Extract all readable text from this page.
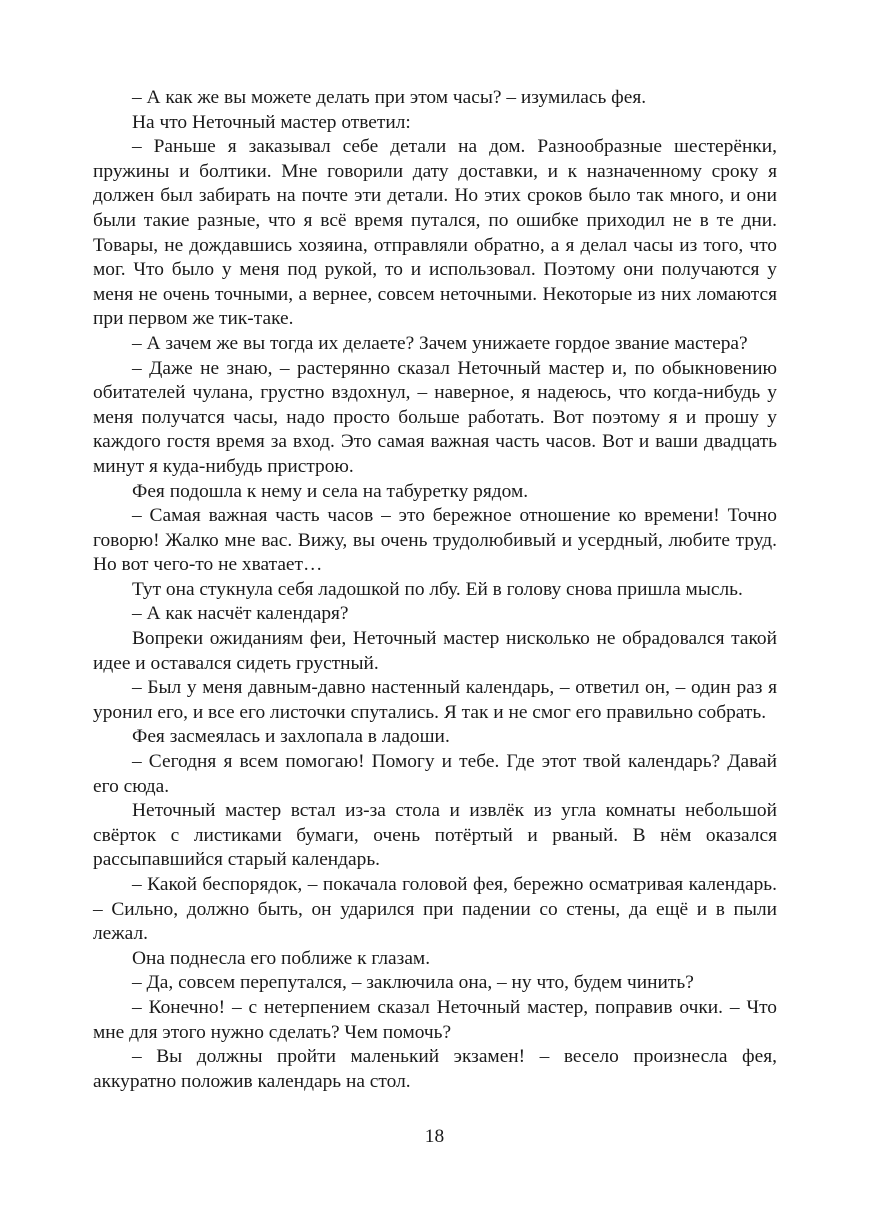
– А как же вы можете делать при этом часы? – изумилась фея.

На что Неточный мастер ответил:

– Раньше я заказывал себе детали на дом. Разнообразные шестерёнки, пружины и болтики. Мне говорили дату доставки, и к назначенному сроку я должен был забирать на почте эти детали. Но этих сроков было так много, и они были такие разные, что я всё время путался, по ошибке приходил не в те дни. Товары, не дождавшись хозяина, отправляли обратно, а я делал часы из того, что мог. Что было у меня под рукой, то и использовал. Поэтому они получаются у меня не очень точными, а вернее, совсем неточными. Некоторые из них ломаются при первом же тик-таке.

– А зачем же вы тогда их делаете? Зачем унижаете гордое звание мастера?

– Даже не знаю, – растерянно сказал Неточный мастер и, по обыкновению обитателей чулана, грустно вздохнул, – наверное, я надеюсь, что когда-нибудь у меня получатся часы, надо просто больше работать. Вот поэтому я и прошу у каждого гостя время за вход. Это самая важная часть часов. Вот и ваши двадцать минут я куда-нибудь пристрою.

Фея подошла к нему и села на табуретку рядом.

– Самая важная часть часов – это бережное отношение ко времени! Точно говорю! Жалко мне вас. Вижу, вы очень трудолюбивый и усердный, любите труд. Но вот чего-то не хватает…

Тут она стукнула себя ладошкой по лбу. Ей в голову снова пришла мысль.

– А как насчёт календаря?

Вопреки ожиданиям феи, Неточный мастер нисколько не обрадовался такой идее и оставался сидеть грустный.

– Был у меня давным-давно настенный календарь, – ответил он, – один раз я уронил его, и все его листочки спутались. Я так и не смог его правильно собрать.

Фея засмеялась и захлопала в ладоши.

– Сегодня я всем помогаю! Помогу и тебе. Где этот твой календарь? Давай его сюда.

Неточный мастер встал из-за стола и извлёк из угла комнаты небольшой свёрток с листиками бумаги, очень потёртый и рваный. В нём оказался рассыпавшийся старый календарь.

– Какой беспорядок, – покачала головой фея, бережно осматривая календарь. – Сильно, должно быть, он ударился при падении со стены, да ещё и в пыли лежал.

Она поднесла его поближе к глазам.

– Да, совсем перепутался, – заключила она, – ну что, будем чинить?

– Конечно! – с нетерпением сказал Неточный мастер, поправив очки. – Что мне для этого нужно сделать? Чем помочь?

– Вы должны пройти маленький экзамен! – весело произнесла фея, аккуратно положив календарь на стол.

18
